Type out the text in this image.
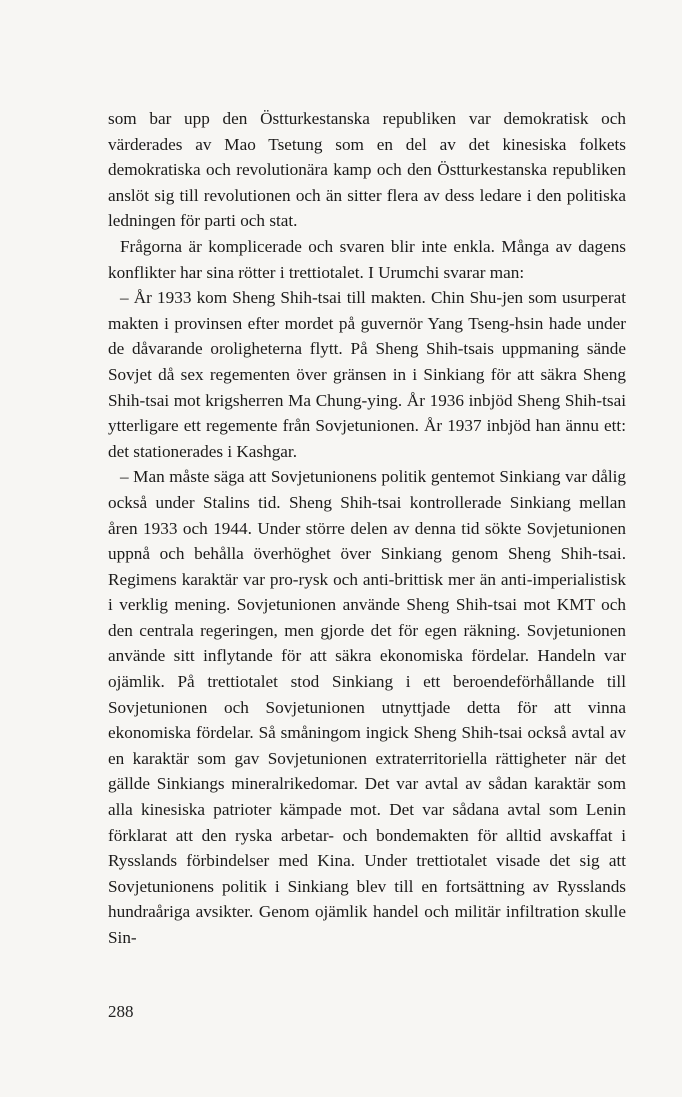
som bar upp den Östturkestanska republiken var demokratisk och värderades av Mao Tsetung som en del av det kinesiska folkets demokratiska och revolutionära kamp och den Östturkestanska republiken anslöt sig till revolutionen och än sitter flera av dess ledare i den politiska ledningen för parti och stat.

Frågorna är komplicerade och svaren blir inte enkla. Många av dagens konflikter har sina rötter i trettiotalet. I Urumchi svarar man:

– År 1933 kom Sheng Shih-tsai till makten. Chin Shu-jen som usurperat makten i provinsen efter mordet på guvernör Yang Tseng-hsin hade under de dåvarande oroligheterna flytt. På Sheng Shih-tsais uppmaning sände Sovjet då sex regementen över gränsen in i Sinkiang för att säkra Sheng Shih-tsai mot krigsherren Ma Chung-ying. År 1936 inbjöd Sheng Shih-tsai ytterligare ett regemente från Sovjetunionen. År 1937 inbjöd han ännu ett: det stationerades i Kashgar.

– Man måste säga att Sovjetunionens politik gentemot Sinkiang var dålig också under Stalins tid. Sheng Shih-tsai kontrollerade Sinkiang mellan åren 1933 och 1944. Under större delen av denna tid sökte Sovjetunionen uppnå och behålla överhöghet över Sinkiang genom Sheng Shih-tsai. Regimens karaktär var pro-rysk och anti-brittisk mer än anti-imperialistisk i verklig mening. Sovjetunionen använde Sheng Shih-tsai mot KMT och den centrala regeringen, men gjorde det för egen räkning. Sovjetunionen använde sitt inflytande för att säkra ekonomiska fördelar. Handeln var ojämlik. På trettiotalet stod Sinkiang i ett beroendeförhållande till Sovjetunionen och Sovjetunionen utnyttjade detta för att vinna ekonomiska fördelar. Så småningom ingick Sheng Shih-tsai också avtal av en karaktär som gav Sovjetunionen extraterritoriella rättigheter när det gällde Sinkiangs mineralrikedomar. Det var avtal av sådan karaktär som alla kinesiska patrioter kämpade mot. Det var sådana avtal som Lenin förklarat att den ryska arbetar- och bondemakten för alltid avskaffat i Rysslands förbindelser med Kina. Under trettiotalet visade det sig att Sovjetunionens politik i Sinkiang blev till en fortsättning av Rysslands hundraåriga avsikter. Genom ojämlik handel och militär infiltration skulle Sin-

288
